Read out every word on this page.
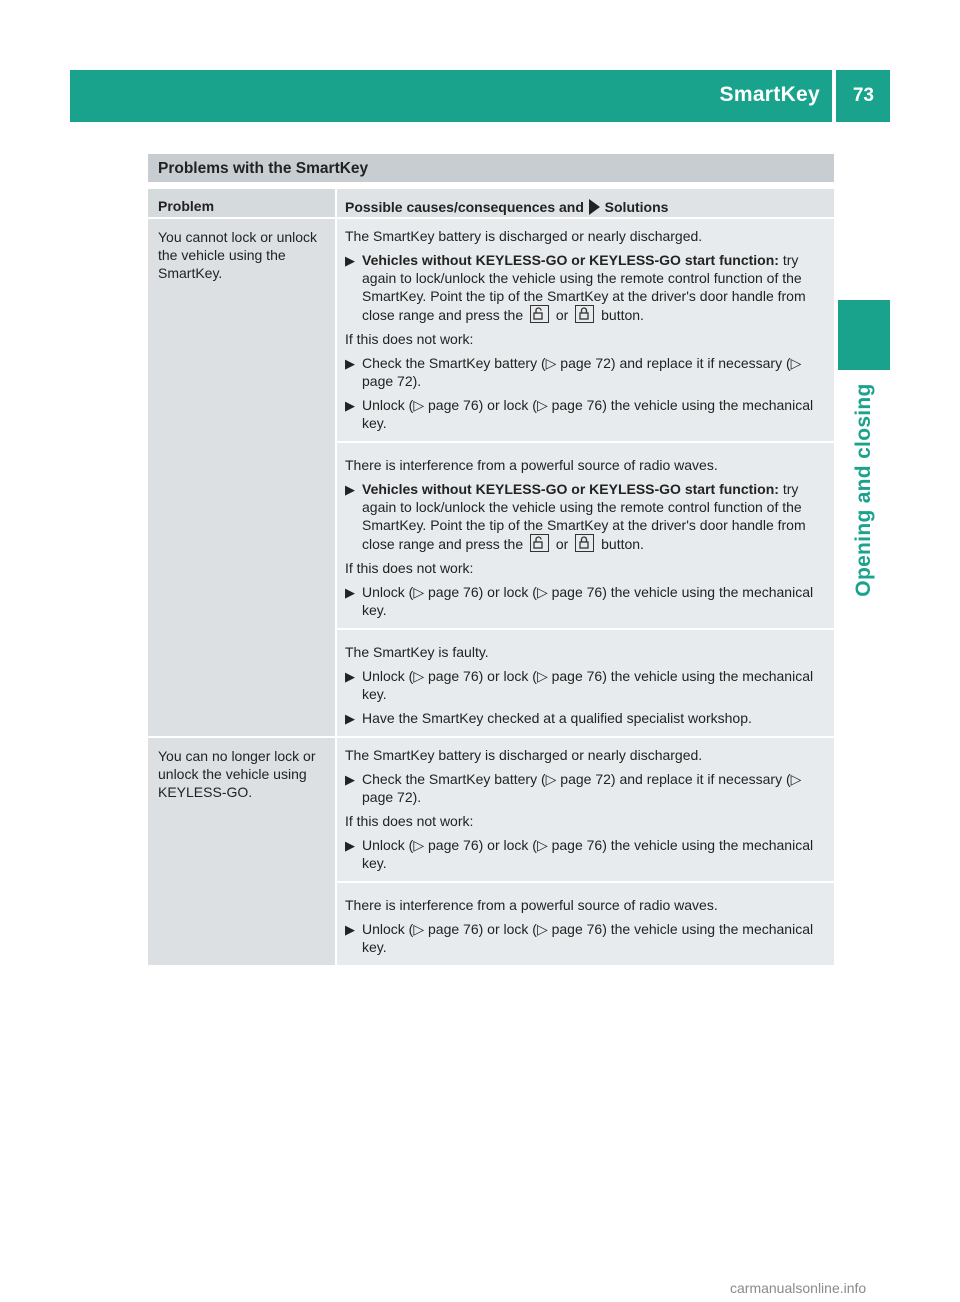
SmartKey 73
Opening and closing
Problems with the SmartKey
Problem	Possible causes/consequences and Solutions
You cannot lock or unlock the vehicle using the SmartKey.
The SmartKey battery is discharged or nearly discharged.
▶ Vehicles without KEYLESS-GO or KEYLESS-GO start function: try again to lock/unlock the vehicle using the remote control function of the SmartKey. Point the tip of the SmartKey at the driver's door handle from close range and press the or button.
If this does not work:
▶ Check the SmartKey battery (▷ page 72) and replace it if necessary (▷ page 72).
▶ Unlock (▷ page 76) or lock (▷ page 76) the vehicle using the mechanical key.
There is interference from a powerful source of radio waves.
▶ Vehicles without KEYLESS-GO or KEYLESS-GO start function: try again to lock/unlock the vehicle using the remote control function of the SmartKey. Point the tip of the SmartKey at the driver's door handle from close range and press the or button.
If this does not work:
▶ Unlock (▷ page 76) or lock (▷ page 76) the vehicle using the mechanical key.
The SmartKey is faulty.
▶ Unlock (▷ page 76) or lock (▷ page 76) the vehicle using the mechanical key.
▶ Have the SmartKey checked at a qualified specialist workshop.
You can no longer lock or unlock the vehicle using KEYLESS-GO.
The SmartKey battery is discharged or nearly discharged.
▶ Check the SmartKey battery (▷ page 72) and replace it if necessary (▷ page 72).
If this does not work:
▶ Unlock (▷ page 76) or lock (▷ page 76) the vehicle using the mechanical key.
There is interference from a powerful source of radio waves.
▶ Unlock (▷ page 76) or lock (▷ page 76) the vehicle using the mechanical key.
carmanualsonline.info
